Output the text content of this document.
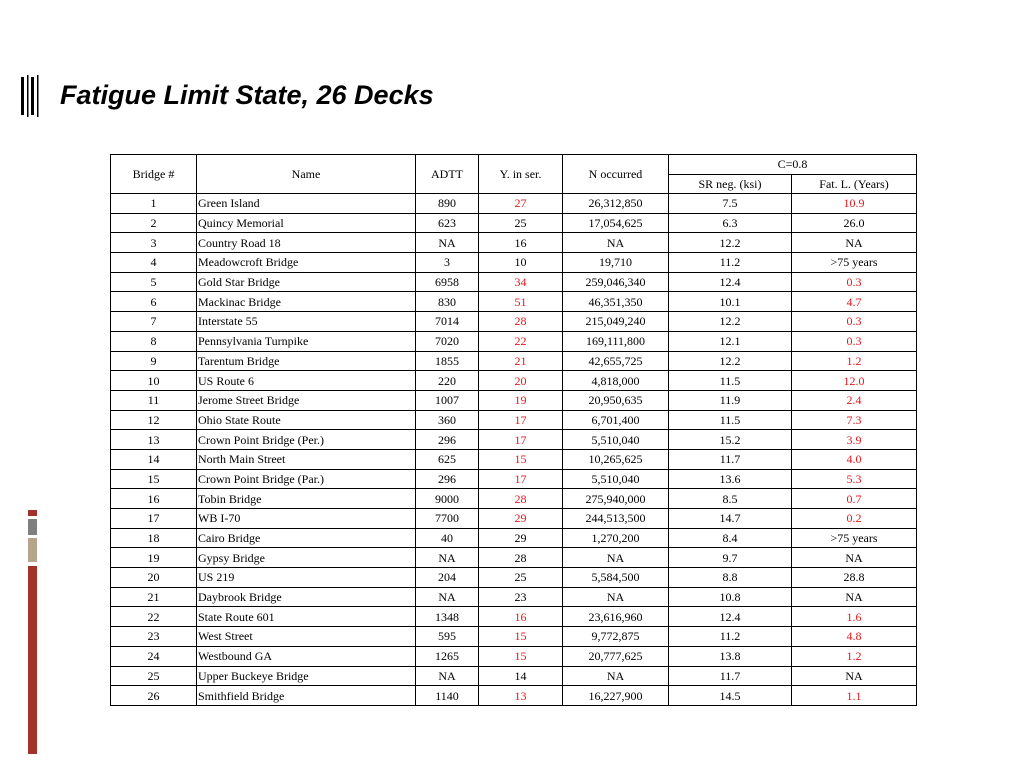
Fatigue Limit State, 26 Decks
Bridge #	Name	ADTT	Y. in ser.	N occurred	C=0.8	
					SR neg. (ksi)	Fat. L. (Years)
1	Green Island	890	27	26,312,850	7.5	10.9
2	Quincy Memorial	623	25	17,054,625	6.3	26.0
3	Country Road 18	NA	16	NA	12.2	NA
4	Meadowcroft Bridge	3	10	19,710	11.2	>75 years
5	Gold Star Bridge	6958	34	259,046,340	12.4	0.3
6	Mackinac Bridge	830	51	46,351,350	10.1	4.7
7	Interstate 55	7014	28	215,049,240	12.2	0.3
8	Pennsylvania Turnpike	7020	22	169,111,800	12.1	0.3
9	Tarentum Bridge	1855	21	42,655,725	12.2	1.2
10	US Route 6	220	20	4,818,000	11.5	12.0
11	Jerome Street Bridge	1007	19	20,950,635	11.9	2.4
12	Ohio State Route	360	17	6,701,400	11.5	7.3
13	Crown Point Bridge (Per.)	296	17	5,510,040	15.2	3.9
14	North Main Street	625	15	10,265,625	11.7	4.0
15	Crown Point Bridge (Par.)	296	17	5,510,040	13.6	5.3
16	Tobin Bridge	9000	28	275,940,000	8.5	0.7
17	WB I-70	7700	29	244,513,500	14.7	0.2
18	Cairo Bridge	40	29	1,270,200	8.4	>75 years
19	Gypsy Bridge	NA	28	NA	9.7	NA
20	US 219	204	25	5,584,500	8.8	28.8
21	Daybrook Bridge	NA	23	NA	10.8	NA
22	State Route 601	1348	16	23,616,960	12.4	1.6
23	West Street	595	15	9,772,875	11.2	4.8
24	Westbound GA	1265	15	20,777,625	13.8	1.2
25	Upper Buckeye Bridge	NA	14	NA	11.7	NA
26	Smithfield Bridge	1140	13	16,227,900	14.5	1.1
